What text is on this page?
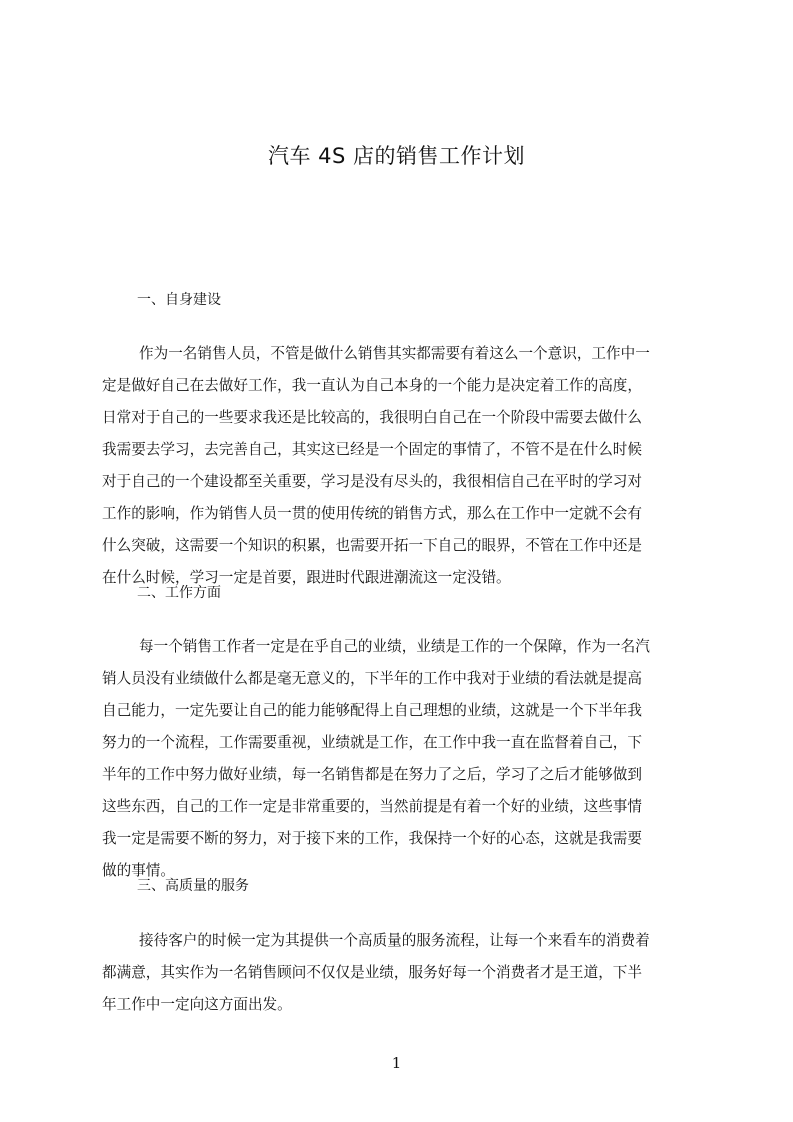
汽车 4S 店的销售工作计划
一、自身建设
作为一名销售人员，不管是做什么销售其实都需要有着这么一个意识，工作中一
定是做好自己在去做好工作，我一直认为自己本身的一个能力是决定着工作的高度，
日常对于自己的一些要求我还是比较高的，我很明白自己在一个阶段中需要去做什么
我需要去学习，去完善自己，其实这已经是一个固定的事情了，不管不是在什么时候
对于自己的一个建设都至关重要，学习是没有尽头的，我很相信自己在平时的学习对
工作的影响，作为销售人员一贯的使用传统的销售方式，那么在工作中一定就不会有
什么突破，这需要一个知识的积累，也需要开拓一下自己的眼界，不管在工作中还是
在什么时候，学习一定是首要，跟进时代跟进潮流这一定没错。
二、工作方面
每一个销售工作者一定是在乎自己的业绩，业绩是工作的一个保障，作为一名汽
销人员没有业绩做什么都是毫无意义的，下半年的工作中我对于业绩的看法就是提高
自己能力，一定先要让自己的能力能够配得上自己理想的业绩，这就是一个下半年我
努力的一个流程，工作需要重视，业绩就是工作，在工作中我一直在监督着自己，下
半年的工作中努力做好业绩，每一名销售都是在努力了之后，学习了之后才能够做到
这些东西，自己的工作一定是非常重要的，当然前提是有着一个好的业绩，这些事情
我一定是需要不断的努力，对于接下来的工作，我保持一个好的心态，这就是我需要
做的事情。
三、高质量的服务
接待客户的时候一定为其提供一个高质量的服务流程，让每一个来看车的消费着
都满意，其实作为一名销售顾问不仅仅是业绩，服务好每一个消费者才是王道，下半
年工作中一定向这方面出发。
1
